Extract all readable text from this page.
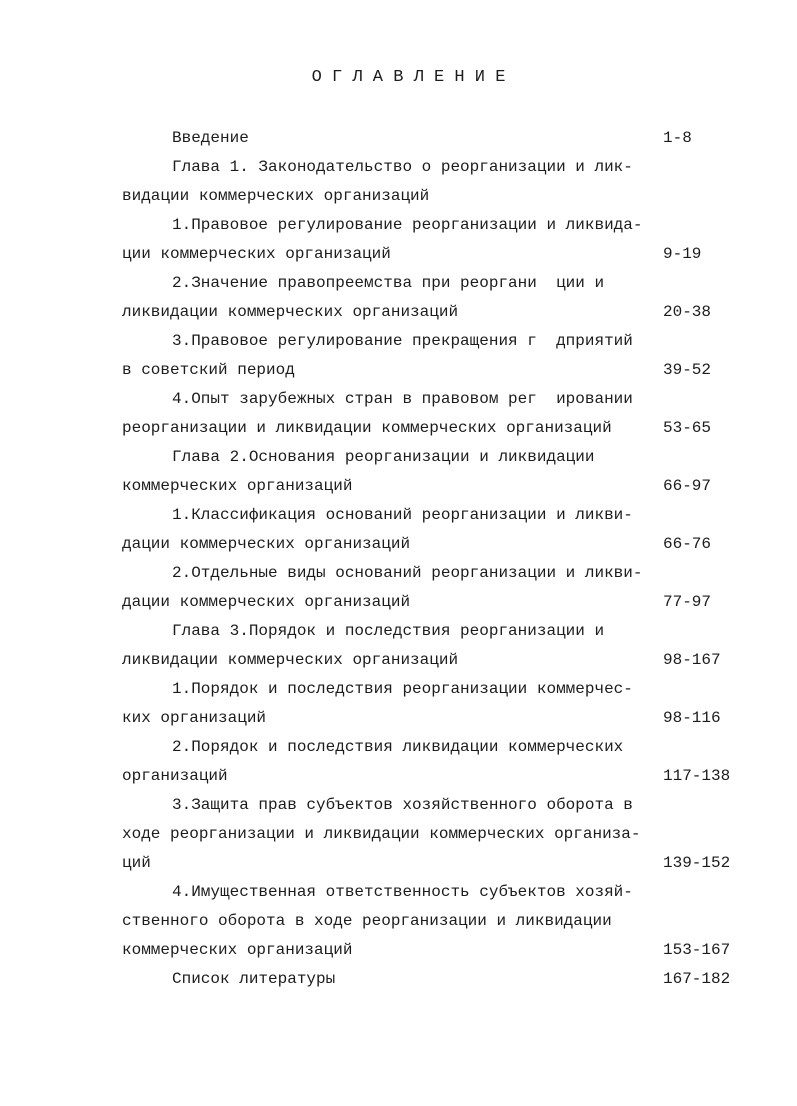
О Г Л А В Л Е Н И Е
Введение	1-8
Глава 1. Законодательство о реорганизации и лик-
видации коммерческих организаций
1.Правовое регулирование реорганизации и ликвида-
ции коммерческих организаций	9-19
2.Значение правопреемства при реоргани  ции и
ликвидации коммерческих организаций	20-38
3.Правовое регулирование прекращения г  дприятий
в советский период	39-52
4.Опыт зарубежных стран в правовом рег  ировании
реорганизации и ликвидации коммерческих организаций	53-65
Глава 2.Основания реорганизации и ликвидации
коммерческих организаций	66-97
1.Классификация оснований реорганизации и ликви-
дации коммерческих организаций	66-76
2.Отдельные виды оснований реорганизации и ликви-
дации коммерческих организаций	77-97
Глава 3.Порядок и последствия реорганизации и
ликвидации коммерческих организаций	98-167
1.Порядок и последствия реорганизации коммерчес-
ких организаций	98-116
2.Порядок и последствия ликвидации коммерческих
организаций	117-138
3.Защита прав субъектов хозяйственного оборота в
ходе реорганизации и ликвидации коммерческих организа-
ций	139-152
4.Имущественная ответственность субъектов хозяй-
ственного оборота в ходе реорганизации и ликвидации
коммерческих организаций	153-167
Список литературы	167-182
